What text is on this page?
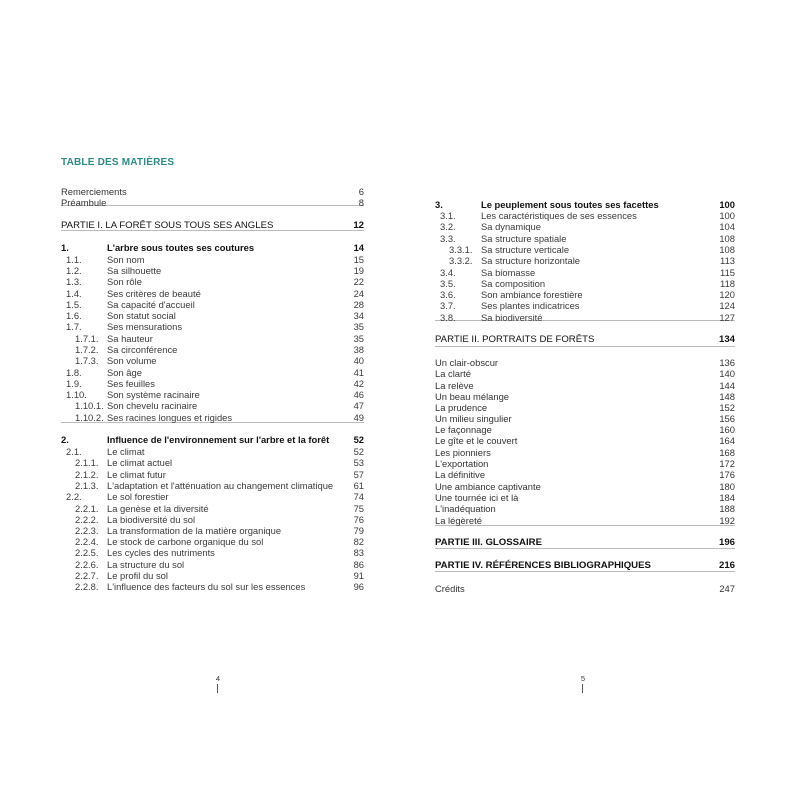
TABLE DES MATIÈRES
Remerciements	6
Préambule	8
PARTIE I. LA FORÊT SOUS TOUS SES ANGLES	12
1.	L'arbre sous toutes ses coutures	14
1.1.	Son nom	15
1.2.	Sa silhouette	19
1.3.	Son rôle	22
1.4.	Ses critères de beauté	24
1.5.	Sa capacité d'accueil	28
1.6.	Son statut social	34
1.7.	Ses mensurations	35
1.7.1. Sa hauteur	35
1.7.2. Sa circonférence	38
1.7.3. Son volume	40
1.8.	Son âge	41
1.9.	Ses feuilles	42
1.10. Son système racinaire	46
1.10.1. Son chevelu racinaire	47
1.10.2. Ses racines longues et rigides	49
2.	Influence de l'environnement sur l'arbre et la forêt	52
2.1.	Le climat	52
2.1.1. Le climat actuel	53
2.1.2. Le climat futur	57
2.1.3. L'adaptation et l'atténuation au changement climatique 61
2.2.	Le sol forestier	74
2.2.1. La genèse et la diversité	75
2.2.2. La biodiversité du sol	76
2.2.3. La transformation de la matière organique	79
2.2.4. Le stock de carbone organique du sol	82
2.2.5. Les cycles des nutriments	83
2.2.6. La structure du sol	86
2.2.7. Le profil du sol	91
2.2.8. L'influence des facteurs du sol sur les essences	96
4
3.	Le peuplement sous toutes ses facettes	100
3.1.	Les caractéristiques de ses essences	100
3.2.	Sa dynamique	104
3.3.	Sa structure spatiale	108
3.3.1. Sa structure verticale	108
3.3.2. Sa structure horizontale	113
3.4.	Sa biomasse	115
3.5.	Sa composition	118
3.6.	Son ambiance forestière	120
3.7.	Ses plantes indicatrices	124
3.8.	Sa biodiversité	127
PARTIE II. PORTRAITS DE FORÊTS	134
Un clair-obscur	136
La clarté	140
La relève	144
Un beau mélange	148
La prudence	152
Un milieu singulier	156
Le façonnage	160
Le gîte et le couvert	164
Les pionniers	168
L'exportation	172
La définitive	176
Une ambiance captivante	180
Une tournée ici et là	184
L'inadéquation	188
La légèreté	192
PARTIE III. GLOSSAIRE	196
PARTIE IV. RÉFÉRENCES BIBLIOGRAPHIQUES	216
Crédits	247
5
